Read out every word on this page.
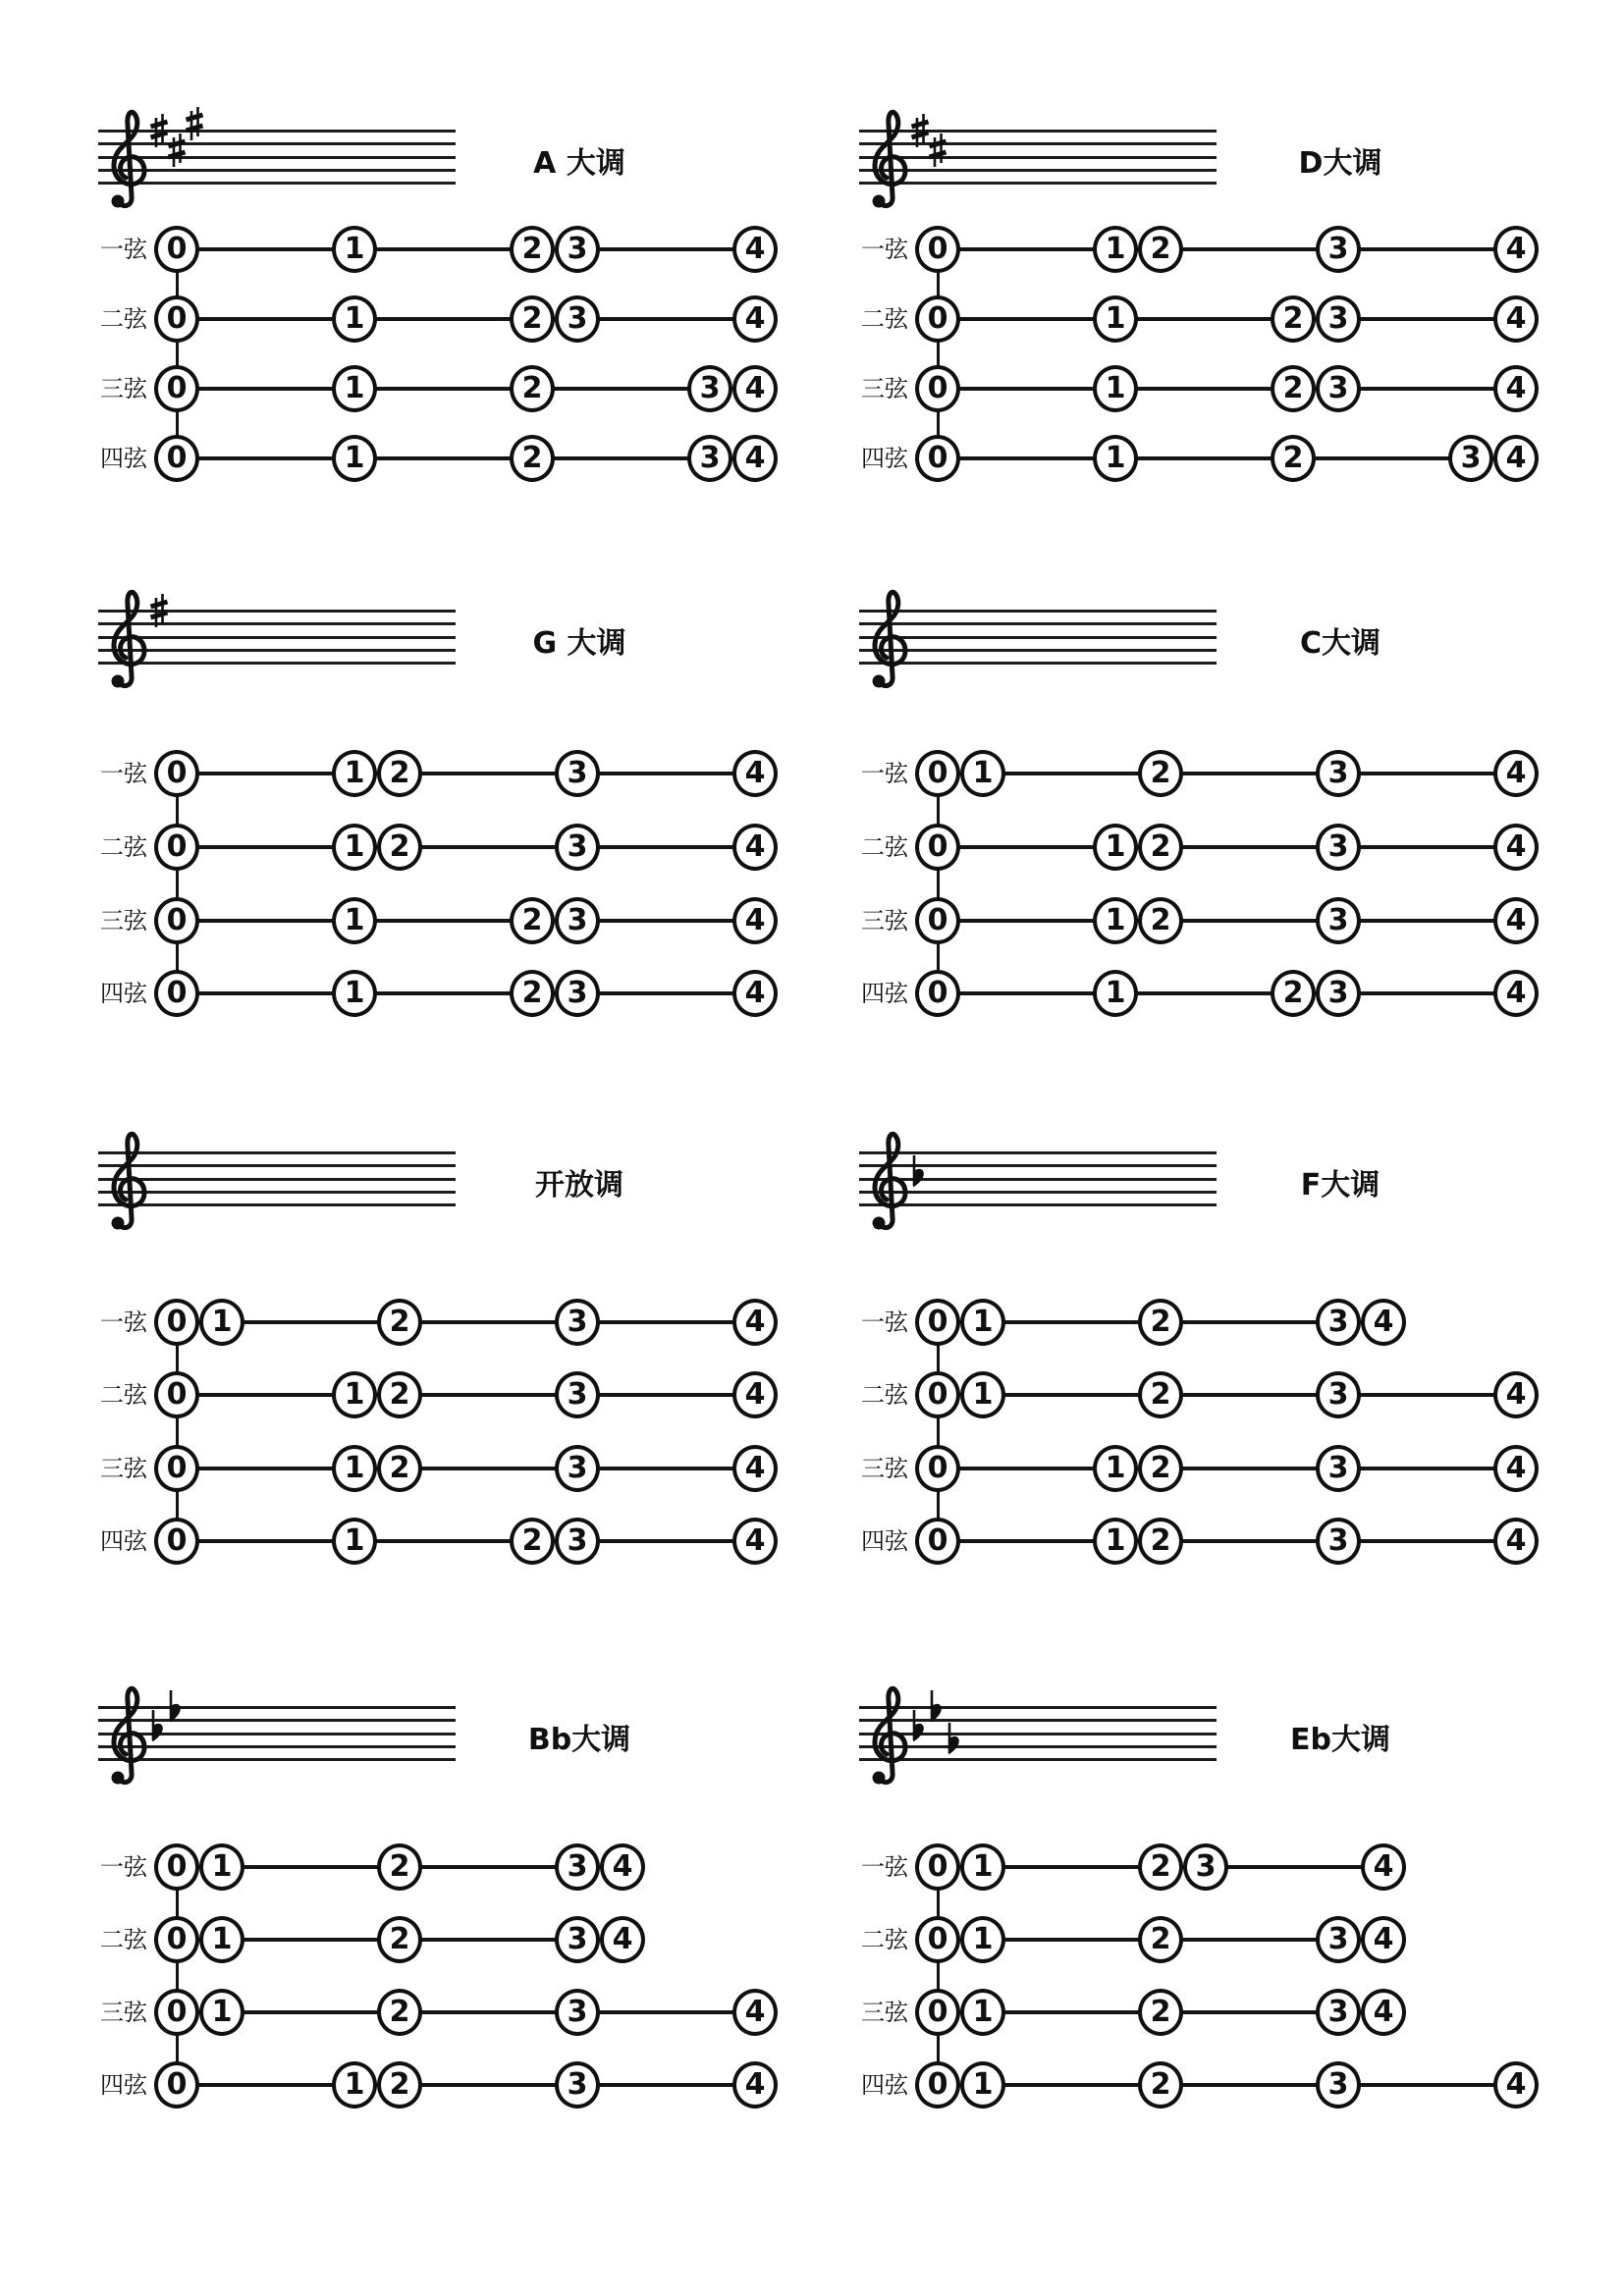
A 大调
一弦 0	1	2 3	4
二弦 0	1	2 3	4
三弦 0	1	2	3 4
四弦 0	1	2	3 4
D大调
一弦 0	1 2	3	4
二弦 0	1	2 3	4
三弦 0	1	2 3	4
四弦 0	1	2	3 4
G 大调
一弦 0	1 2	3	4
二弦 0	1 2	3	4
三弦 0	1	2 3	4
四弦 0	1	2 3	4
C大调
一弦 0 1	2	3	4
二弦 0	1 2	3	4
三弦 0	1 2	3	4
四弦 0	1	2 3	4
开放调
一弦 0 1	2	3	4
二弦 0	1 2	3	4
三弦 0	1 2	3	4
四弦 0	1	2 3	4
F大调
一弦 0 1	2	3 4
二弦 0 1	2	3	4
三弦 0	1 2	3	4
四弦 0	1 2	3	4
Bb大调
一弦 0 1	2	3 4
二弦 0 1	2	3 4
三弦 0 1	2	3	4
四弦 0	1 2	3	4
Eb大调
一弦 0 1	2 3	4
二弦 0 1	2	3 4
三弦 0 1	2	3 4
四弦 0 1	2	3	4
